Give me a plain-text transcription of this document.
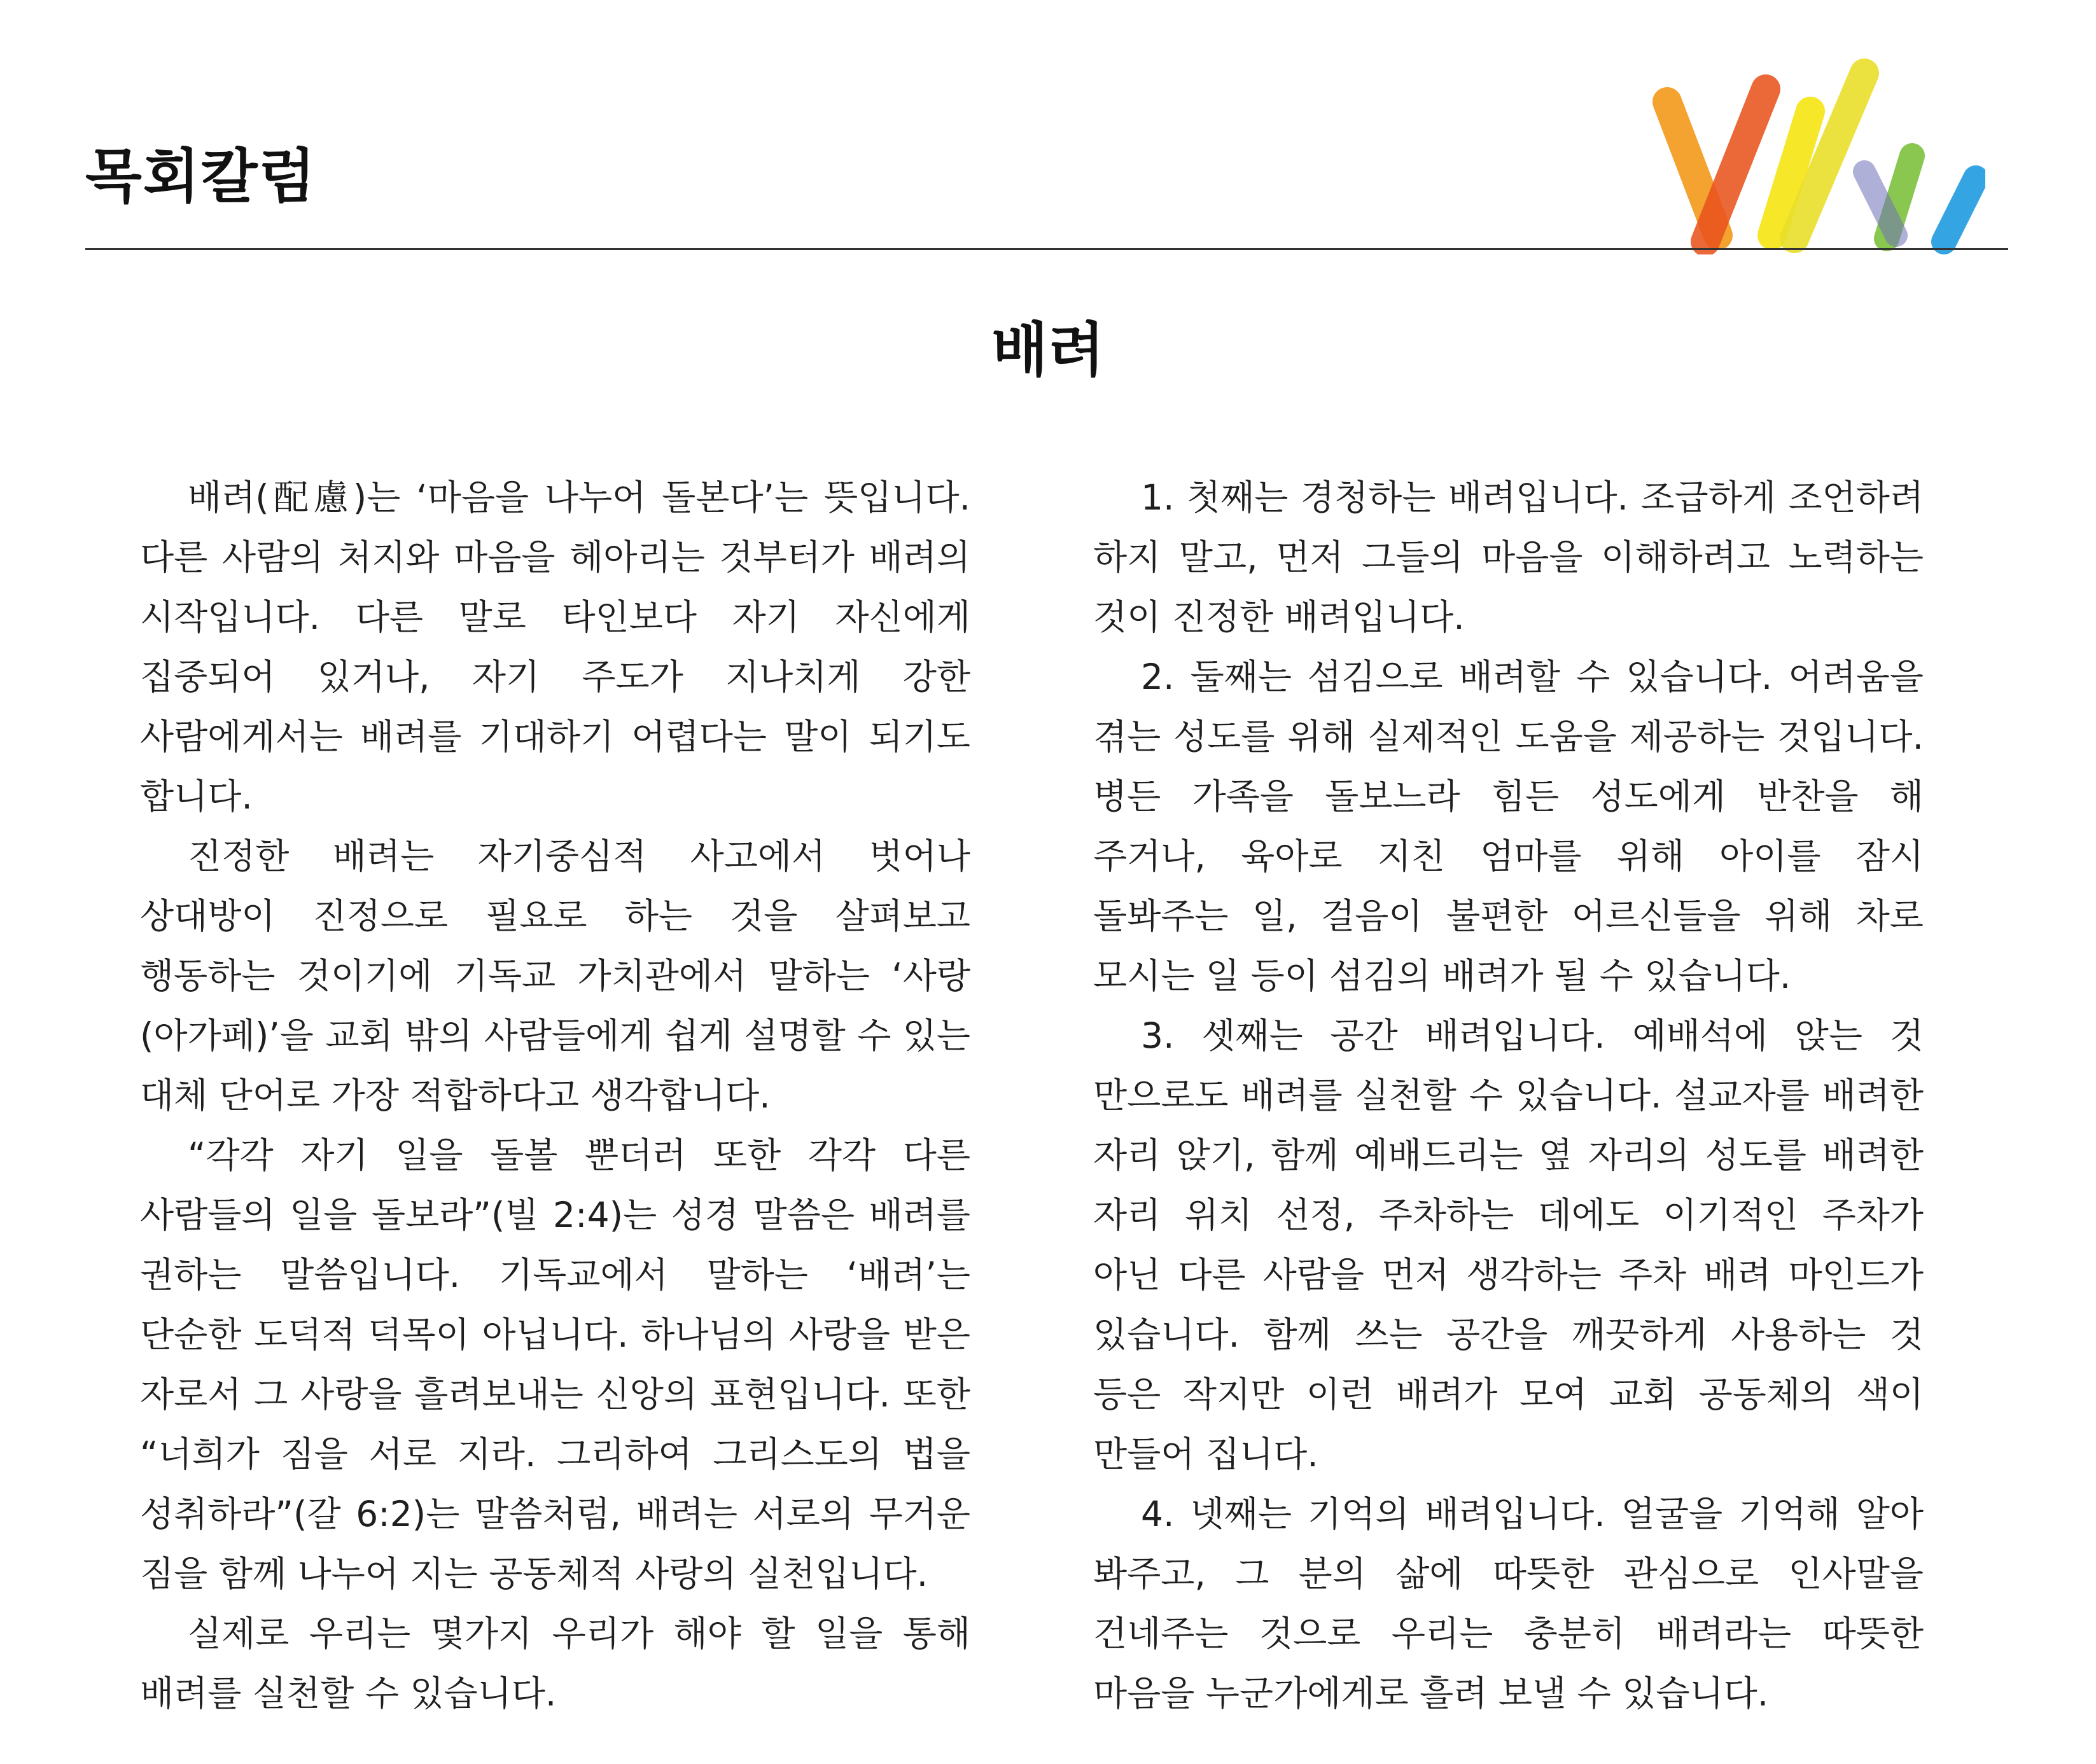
목회칼럼
배려

배려(配慮)는 ‘마음을 나누어 돌본다’는 뜻입니다. 다른 사람의 처지와 마음을 헤아리는 것부터가 배려의 시작입니다. 다른 말로 타인보다 자기 자신에게 집중되어 있거나, 자기 주도가 지나치게 강한 사람에게서는 배려를 기대하기 어렵다는 말이 되기도 합니다.

진정한 배려는 자기중심적 사고에서 벗어나 상대방이 진정으로 필요로 하는 것을 살펴보고 행동하는 것이기에 기독교 가치관에서 말하는 ‘사랑(아가페)’을 교회 밖의 사람들에게 쉽게 설명할 수 있는 대체 단어로 가장 적합하다고 생각합니다.

“각각 자기 일을 돌볼 뿐더러 또한 각각 다른 사람들의 일을 돌보라”(빌 2:4)는 성경 말씀은 배려를 권하는 말씀입니다. 기독교에서 말하는 ‘배려’는 단순한 도덕적 덕목이 아닙니다. 하나님의 사랑을 받은 자로서 그 사랑을 흘려보내는 신앙의 표현입니다. 또한 “너희가 짐을 서로 지라. 그리하여 그리스도의 법을 성취하라”(갈 6:2)는 말씀처럼, 배려는 서로의 무거운 짐을 함께 나누어 지는 공동체적 사랑의 실천입니다.

실제로 우리는 몇가지 우리가 해야 할 일을 통해 배려를 실천할 수 있습니다.

1. 첫째는 경청하는 배려입니다. 조급하게 조언하려 하지 말고, 먼저 그들의 마음을 이해하려고 노력하는 것이 진정한 배려입니다.

2. 둘째는 섬김으로 배려할 수 있습니다. 어려움을 겪는 성도를 위해 실제적인 도움을 제공하는 것입니다. 병든 가족을 돌보느라 힘든 성도에게 반찬을 해 주거나, 육아로 지친 엄마를 위해 아이를 잠시 돌봐주는 일, 걸음이 불편한 어르신들을 위해 차로 모시는 일 등이 섬김의 배려가 될 수 있습니다.

3. 셋째는 공간 배려입니다. 예배석에 앉는 것 만으로도 배려를 실천할 수 있습니다. 설교자를 배려한 자리 앉기, 함께 예배드리는 옆 자리의 성도를 배려한 자리 위치 선정, 주차하는 데에도 이기적인 주차가 아닌 다른 사람을 먼저 생각하는 주차 배려 마인드가 있습니다. 함께 쓰는 공간을 깨끗하게 사용하는 것 등은 작지만 이런 배려가 모여 교회 공동체의 색이 만들어 집니다.

4. 넷째는 기억의 배려입니다. 얼굴을 기억해 알아 봐주고, 그 분의 삶에 따뜻한 관심으로 인사말을 건네주는 것으로 우리는 충분히 배려라는 따뜻한 마음을 누군가에게로 흘려 보낼 수 있습니다.
